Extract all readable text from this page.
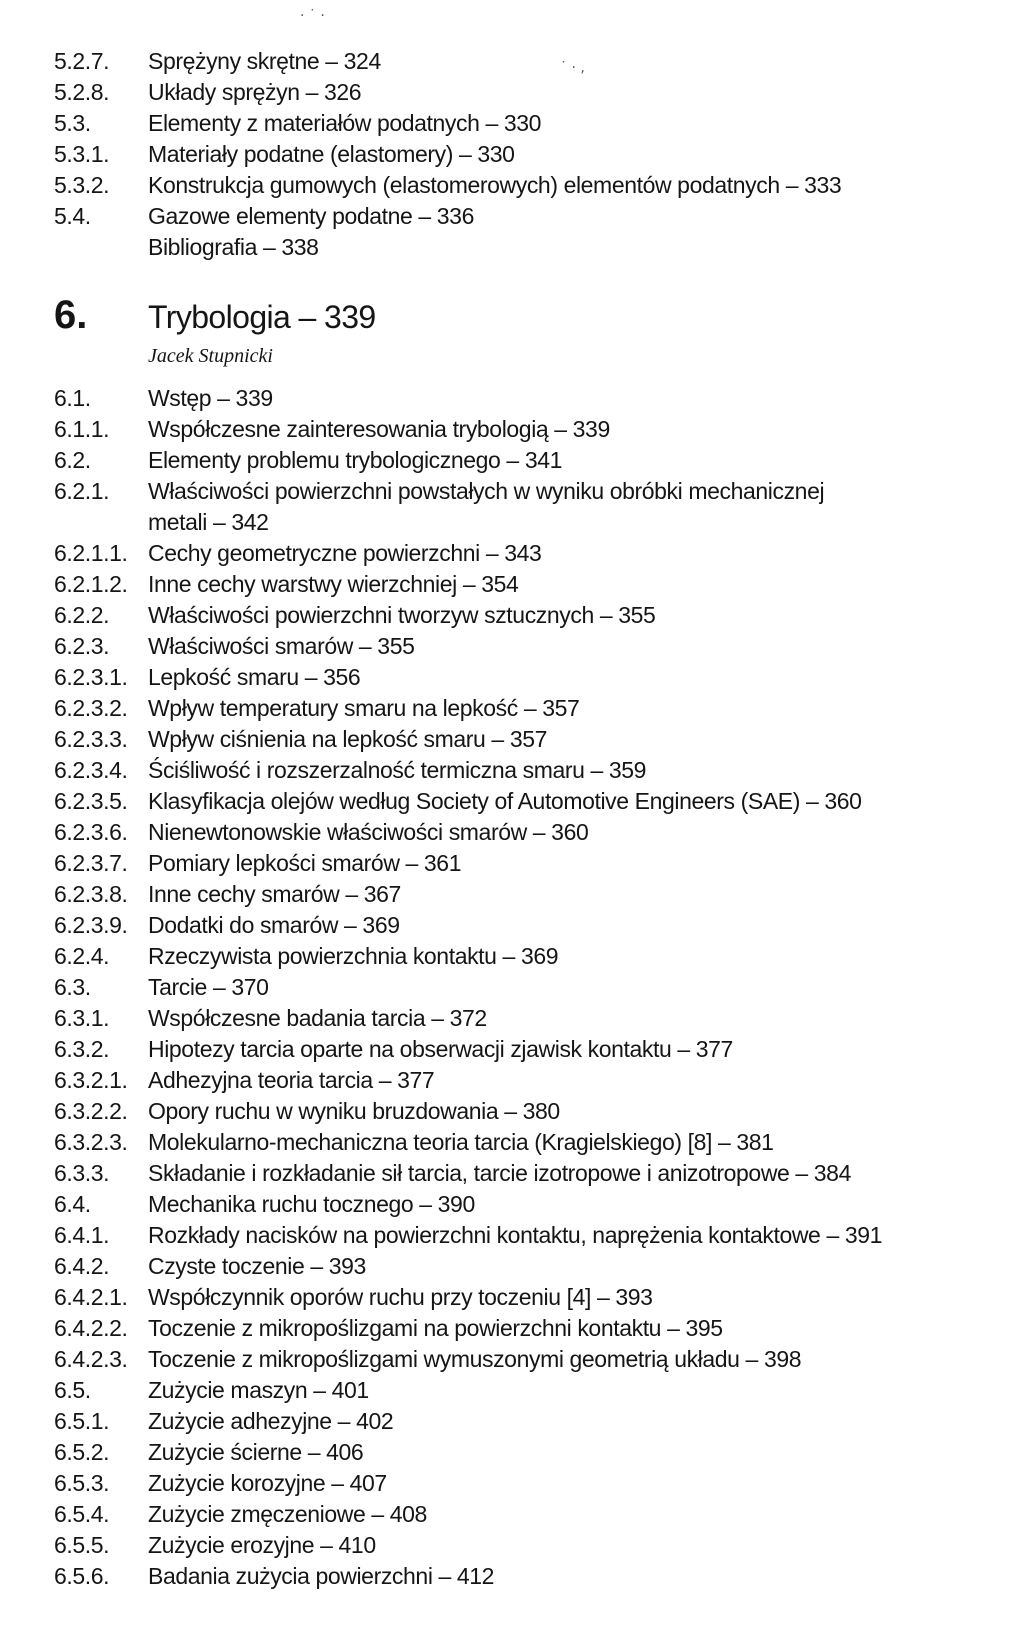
· ˙ ·
˙ · ,
5.2.7.	Sprężyny skrętne – 324
5.2.8.	Układy sprężyn – 326
5.3.	Elementy z materiałów podatnych – 330
5.3.1.	Materiały podatne (elastomery) – 330
5.3.2.	Konstrukcja gumowych (elastomerowych) elementów podatnych – 333
5.4.	Gazowe elementy podatne – 336
Bibliografia – 338
6.	Trybologia – 339
Jacek Stupnicki
6.1.	Wstęp – 339
6.1.1.	Współczesne zainteresowania trybologią – 339
6.2.	Elementy problemu trybologicznego – 341
6.2.1.	Właściwości powierzchni powstałych w wyniku obróbki mechanicznej metali – 342
6.2.1.1. Cechy geometryczne powierzchni – 343
6.2.1.2. Inne cechy warstwy wierzchniej – 354
6.2.2.	Właściwości powierzchni tworzyw sztucznych – 355
6.2.3.	Właściwości smarów – 355
6.2.3.1. Lepkość smaru – 356
6.2.3.2. Wpływ temperatury smaru na lepkość – 357
6.2.3.3. Wpływ ciśnienia na lepkość smaru – 357
6.2.3.4. Ściśliwość i rozszerzalność termiczna smaru – 359
6.2.3.5. Klasyfikacja olejów według Society of Automotive Engineers (SAE) – 360
6.2.3.6. Nienewtonowskie właściwości smarów – 360
6.2.3.7. Pomiary lepkości smarów – 361
6.2.3.8. Inne cechy smarów – 367
6.2.3.9. Dodatki do smarów – 369
6.2.4.	Rzeczywista powierzchnia kontaktu – 369
6.3.	Tarcie – 370
6.3.1.	Współczesne badania tarcia – 372
6.3.2.	Hipotezy tarcia oparte na obserwacji zjawisk kontaktu – 377
6.3.2.1. Adhezyjna teoria tarcia – 377
6.3.2.2. Opory ruchu w wyniku bruzdowania – 380
6.3.2.3. Molekularno-mechaniczna teoria tarcia (Kragielskiego) [8] – 381
6.3.3.	Składanie i rozkładanie sił tarcia, tarcie izotropowe i anizotropowe – 384
6.4.	Mechanika ruchu tocznego – 390
6.4.1.	Rozkłady nacisków na powierzchni kontaktu, naprężenia kontaktowe – 391
6.4.2.	Czyste toczenie – 393
6.4.2.1. Współczynnik oporów ruchu przy toczeniu [4] – 393
6.4.2.2. Toczenie z mikropoślizgami na powierzchni kontaktu – 395
6.4.2.3. Toczenie z mikropoślizgami wymuszonymi geometrią układu – 398
6.5.	Zużycie maszyn – 401
6.5.1.	Zużycie adhezyjne – 402
6.5.2.	Zużycie ścierne – 406
6.5.3.	Zużycie korozyjne – 407
6.5.4.	Zużycie zmęczeniowe – 408
6.5.5.	Zużycie erozyjne – 410
6.5.6.	Badania zużycia powierzchni – 412
